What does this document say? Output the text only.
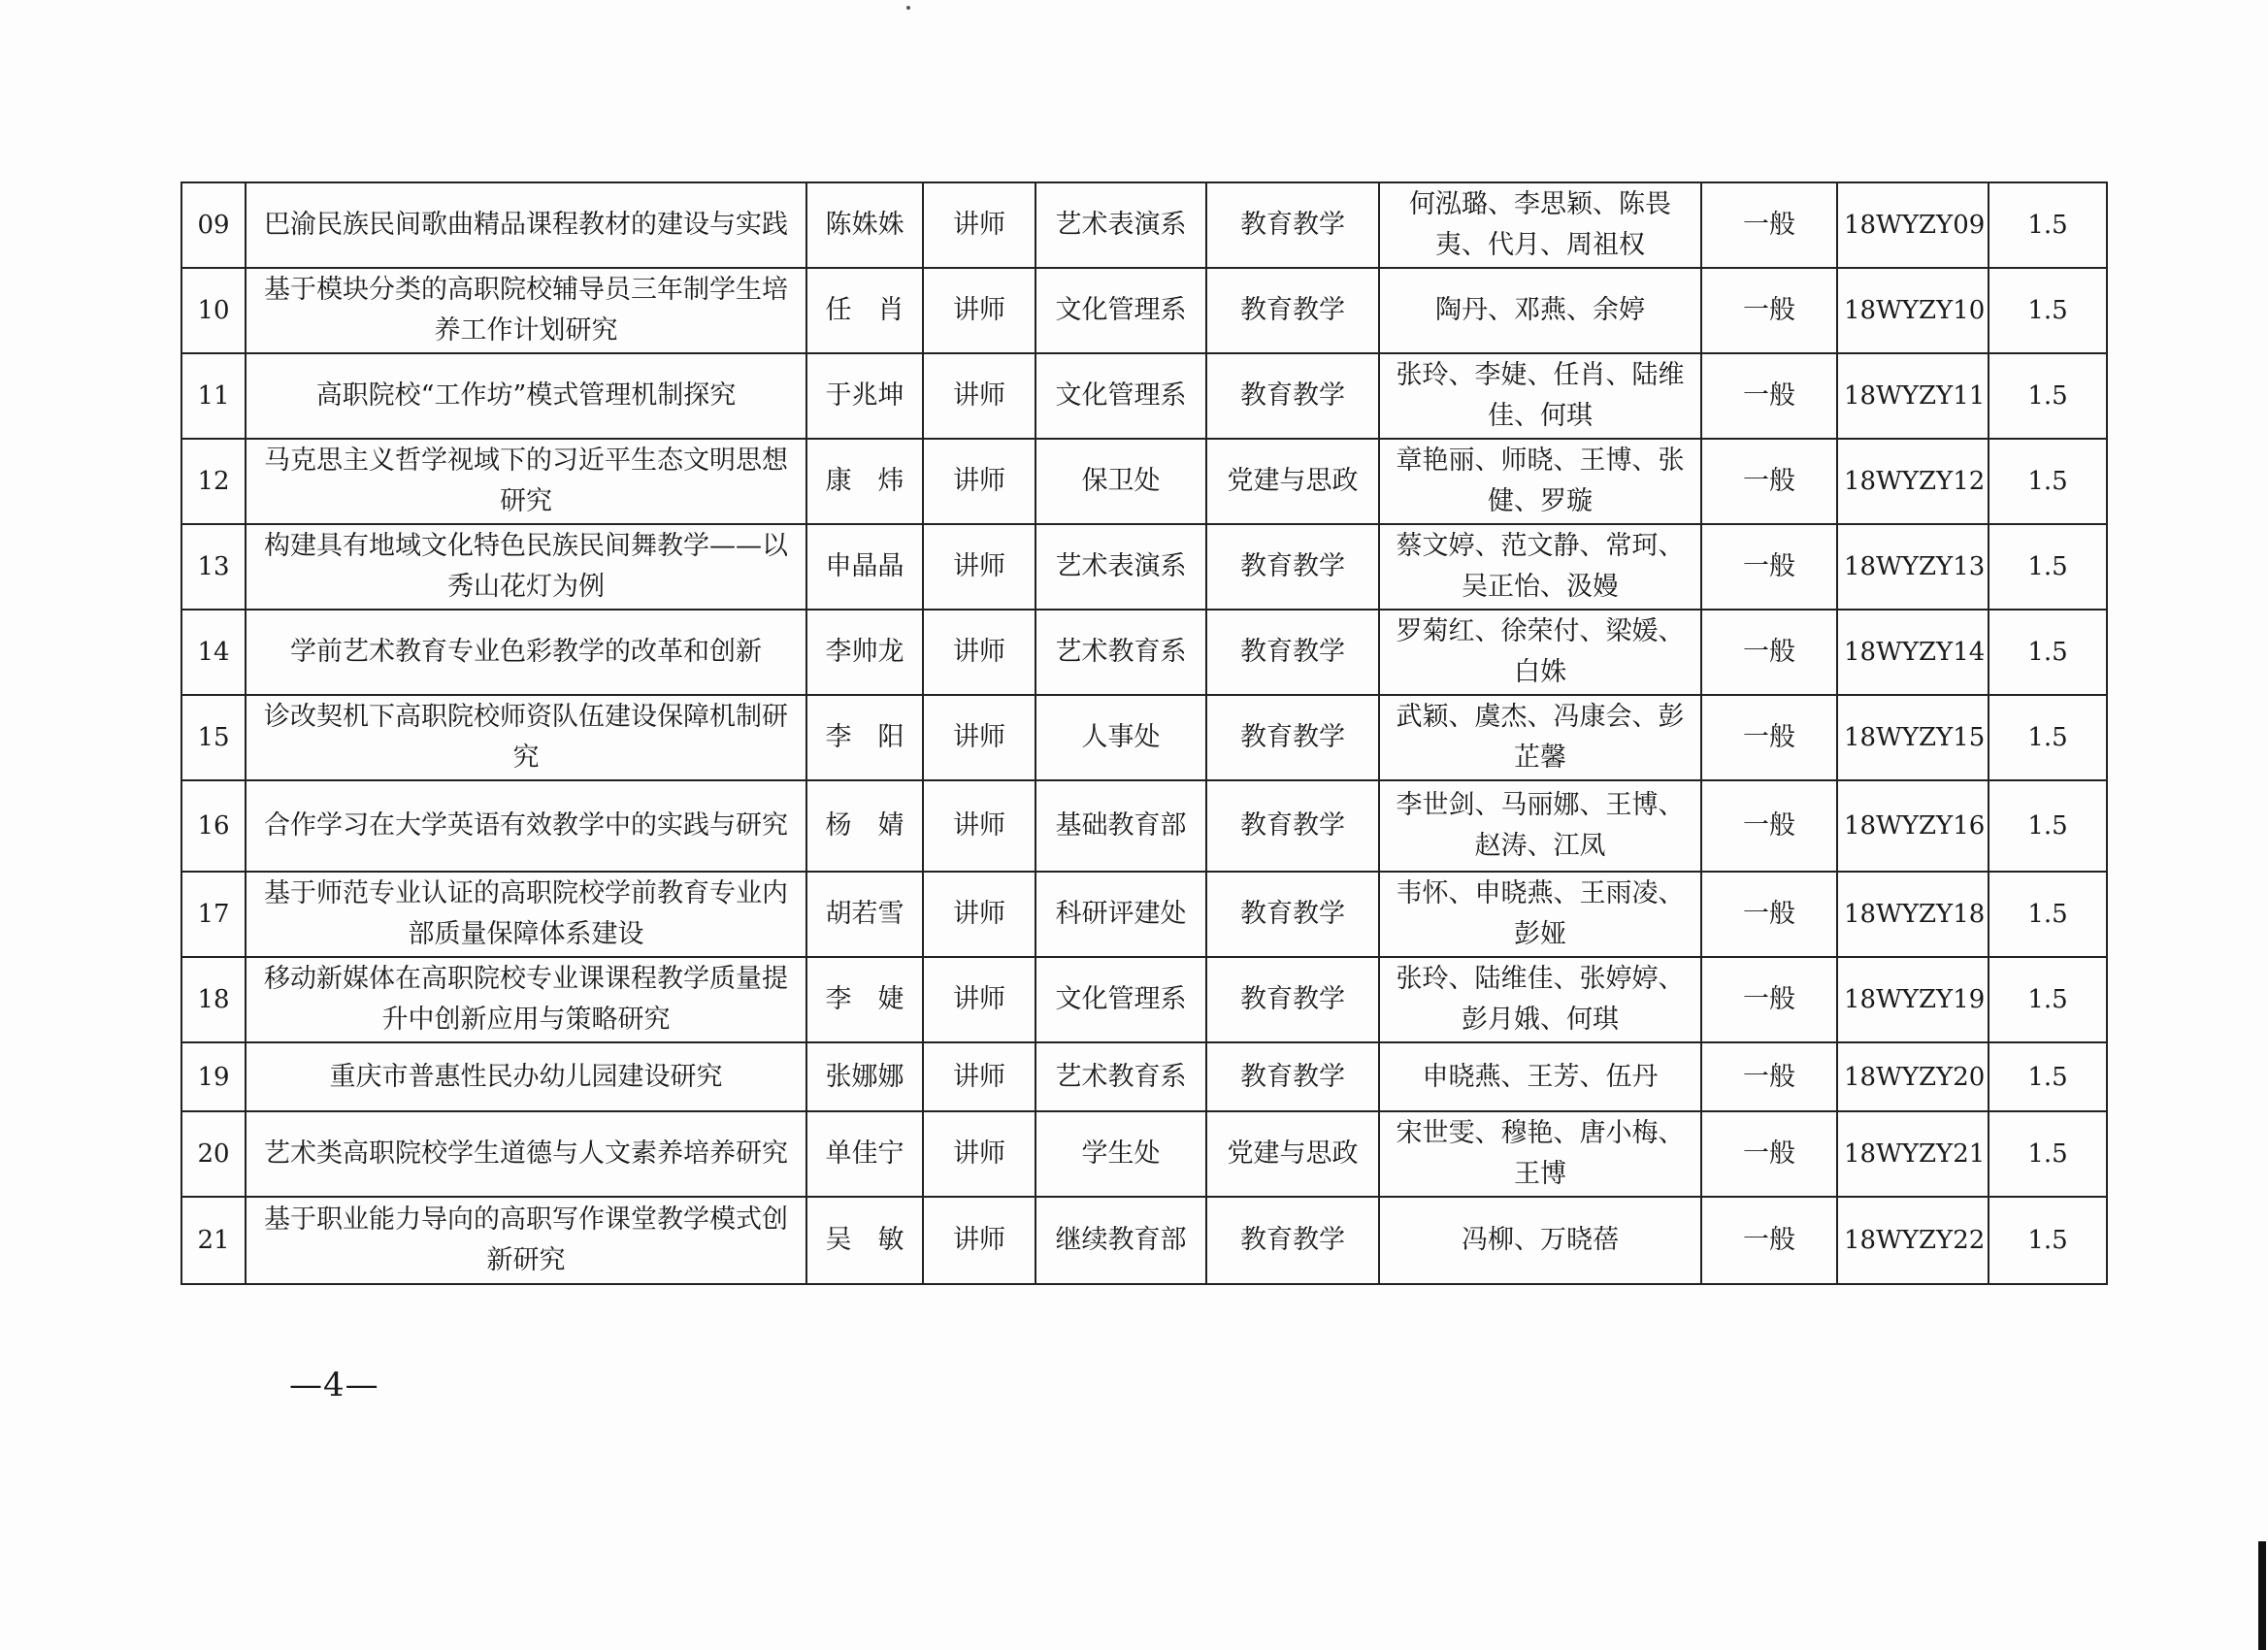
09	巴渝民族民间歌曲精品课程教材的建设与实践	陈姝姝	讲师	艺术表演系	教育教学	何泓璐、李思颖、陈畏夷、代月、周祖权	一般	18WYZY09	1.5
10	基于模块分类的高职院校辅导员三年制学生培养工作计划研究	任　肖	讲师	文化管理系	教育教学	陶丹、邓燕、余婷	一般	18WYZY10	1.5
11	高职院校“工作坊”模式管理机制探究	于兆坤	讲师	文化管理系	教育教学	张玲、李婕、任肖、陆维佳、何琪	一般	18WYZY11	1.5
12	马克思主义哲学视域下的习近平生态文明思想研究	康　炜	讲师	保卫处	党建与思政	章艳丽、师晓、王博、张健、罗璇	一般	18WYZY12	1.5
13	构建具有地域文化特色民族民间舞教学——以秀山花灯为例	申晶晶	讲师	艺术表演系	教育教学	蔡文婷、范文静、常珂、吴正怡、汲嫚	一般	18WYZY13	1.5
14	学前艺术教育专业色彩教学的改革和创新	李帅龙	讲师	艺术教育系	教育教学	罗菊红、徐荣付、梁媛、白姝	一般	18WYZY14	1.5
15	诊改契机下高职院校师资队伍建设保障机制研究	李　阳	讲师	人事处	教育教学	武颖、虞杰、冯康会、彭芷馨	一般	18WYZY15	1.5
16	合作学习在大学英语有效教学中的实践与研究	杨　婧	讲师	基础教育部	教育教学	李世剑、马丽娜、王博、赵涛、江凤	一般	18WYZY16	1.5
17	基于师范专业认证的高职院校学前教育专业内部质量保障体系建设	胡若雪	讲师	科研评建处	教育教学	韦怀、申晓燕、王雨凌、彭娅	一般	18WYZY18	1.5
18	移动新媒体在高职院校专业课课程教学质量提升中创新应用与策略研究	李　婕	讲师	文化管理系	教育教学	张玲、陆维佳、张婷婷、彭月娥、何琪	一般	18WYZY19	1.5
19	重庆市普惠性民办幼儿园建设研究	张娜娜	讲师	艺术教育系	教育教学	申晓燕、王芳、伍丹	一般	18WYZY20	1.5
20	艺术类高职院校学生道德与人文素养培养研究	单佳宁	讲师	学生处	党建与思政	宋世雯、穆艳、唐小梅、王博	一般	18WYZY21	1.5
21	基于职业能力导向的高职写作课堂教学模式创新研究	吴　敏	讲师	继续教育部	教育教学	冯柳、万晓蓓	一般	18WYZY22	1.5
—4—
